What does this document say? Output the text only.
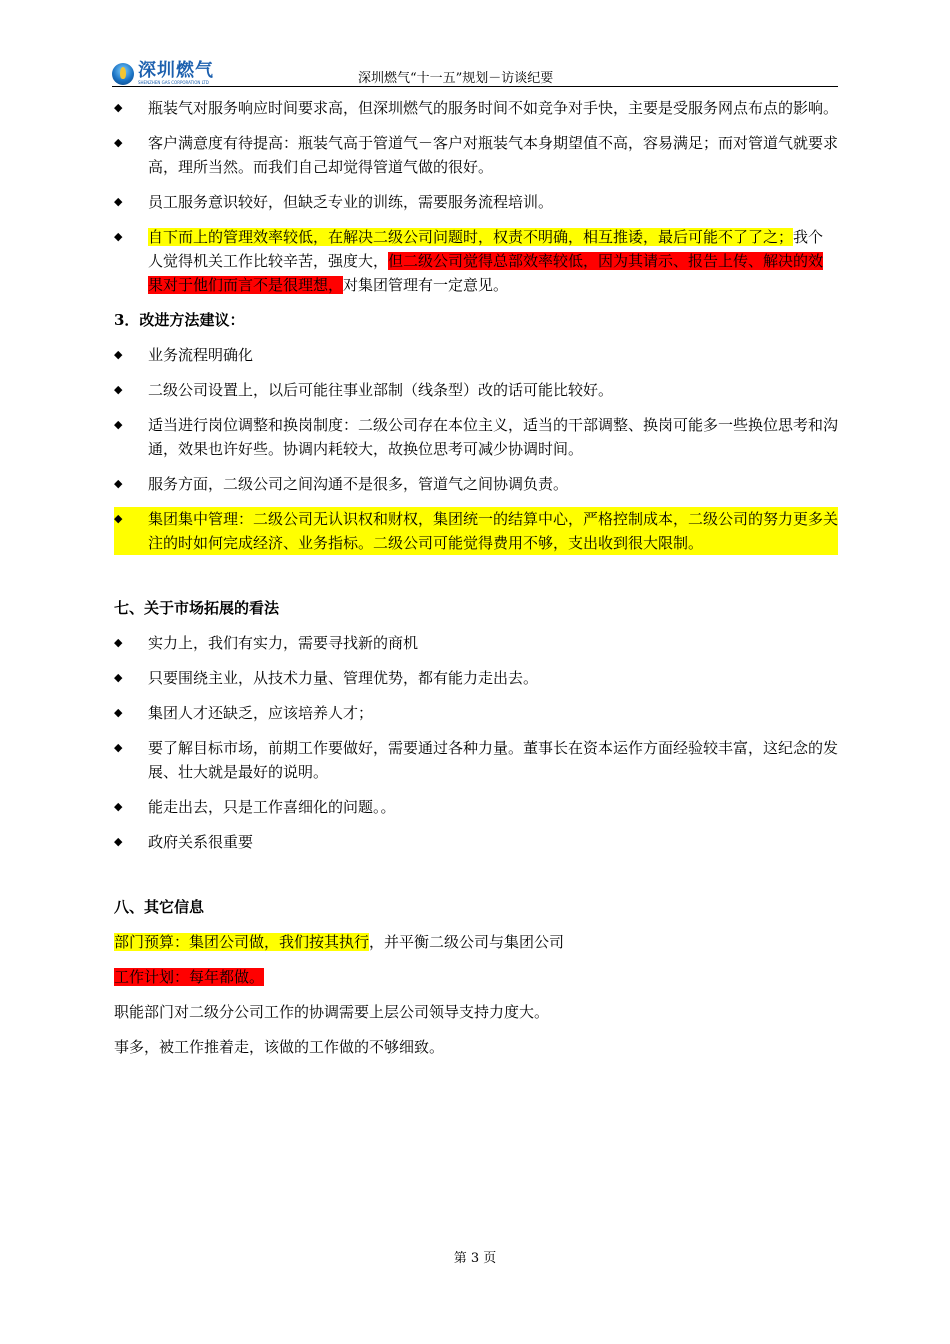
深圳燃气
SHENZHEN GAS CORPORATION LTD	深圳燃气“十一五”规划－访谈纪要
◆ 瓶装气对服务响应时间要求高，但深圳燃气的服务时间不如竞争对手快，主要是受服务网点布点的影响。
◆ 客户满意度有待提高：瓶装气高于管道气－客户对瓶装气本身期望值不高，容易满足；而对管道气就要求高，理所当然。而我们自己却觉得管道气做的很好。
◆ 员工服务意识较好，但缺乏专业的训练，需要服务流程培训。
◆ 自下而上的管理效率较低，在解决二级公司问题时，权责不明确，相互推诿，最后可能不了了之；我个人觉得机关工作比较辛苦，强度大，但二级公司觉得总部效率较低，因为其请示、报告上传、解决的效果对于他们而言不是很理想，对集团管理有一定意见。
3．改进方法建议：
◆ 业务流程明确化
◆ 二级公司设置上，以后可能往事业部制（线条型）改的话可能比较好。
◆ 适当进行岗位调整和换岗制度：二级公司存在本位主义，适当的干部调整、换岗可能多一些换位思考和沟通，效果也许好些。协调内耗较大，故换位思考可减少协调时间。
◆ 服务方面，二级公司之间沟通不是很多，管道气之间协调负责。
◆ 集团集中管理：二级公司无认识权和财权，集团统一的结算中心，严格控制成本，二级公司的努力更多关注的时如何完成经济、业务指标。二级公司可能觉得费用不够，支出收到很大限制。
七、关于市场拓展的看法
◆ 实力上，我们有实力，需要寻找新的商机
◆ 只要围绕主业，从技术力量、管理优势，都有能力走出去。
◆ 集团人才还缺乏，应该培养人才；
◆ 要了解目标市场，前期工作要做好，需要通过各种力量。董事长在资本运作方面经验较丰富，这纪念的发展、壮大就是最好的说明。
◆ 能走出去，只是工作喜细化的问题。。
◆ 政府关系很重要
八、其它信息

部门预算：集团公司做，我们按其执行，并平衡二级公司与集团公司

工作计划：每年都做。

职能部门对二级分公司工作的协调需要上层公司领导支持力度大。

事多，被工作推着走，该做的工作做的不够细致。

第 3 页
